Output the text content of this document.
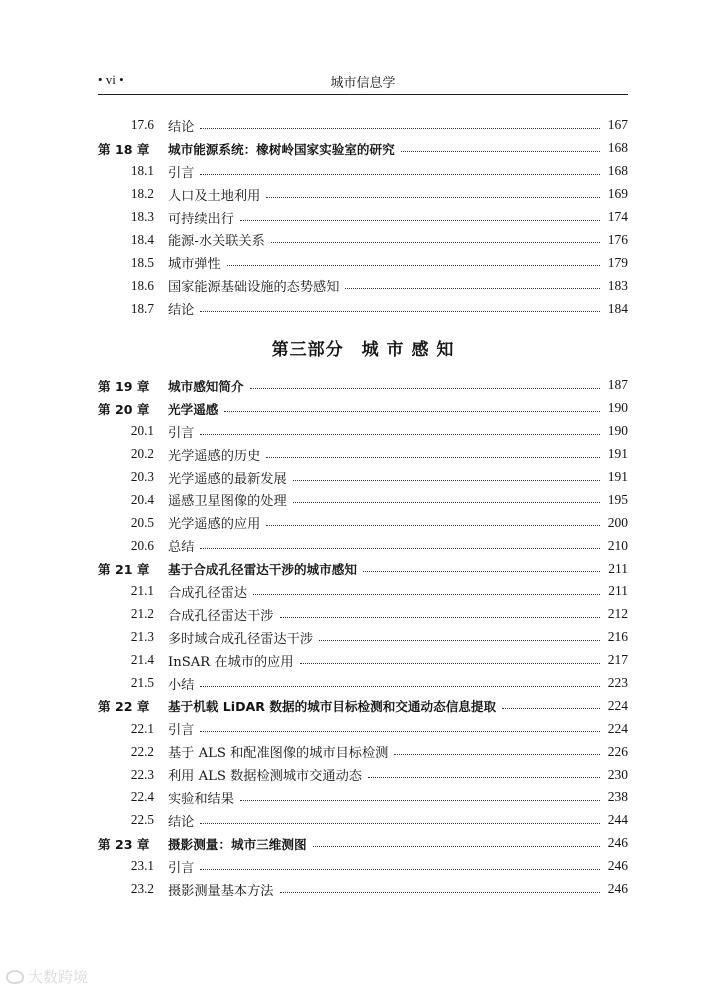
• vi •	城市信息学
17.6	结论	167
第 18 章	城市能源系统：橡树岭国家实验室的研究	168
18.1	引言	168
18.2	人口及土地利用	169
18.3	可持续出行	174
18.4	能源-水关联关系	176
18.5	城市弹性	179
18.6	国家能源基础设施的态势感知	183
18.7	结论	184
第三部分　城 市 感 知
第 19 章	城市感知简介	187
第 20 章	光学遥感	190
20.1	引言	190
20.2	光学遥感的历史	191
20.3	光学遥感的最新发展	191
20.4	遥感卫星图像的处理	195
20.5	光学遥感的应用	200
20.6	总结	210
第 21 章	基于合成孔径雷达干涉的城市感知	211
21.1	合成孔径雷达	211
21.2	合成孔径雷达干涉	212
21.3	多时域合成孔径雷达干涉	216
21.4	InSAR 在城市的应用	217
21.5	小结	223
第 22 章	基于机载 LiDAR 数据的城市目标检测和交通动态信息提取	224
22.1	引言	224
22.2	基于 ALS 和配准图像的城市目标检测	226
22.3	利用 ALS 数据检测城市交通动态	230
22.4	实验和结果	238
22.5	结论	244
第 23 章	摄影测量：城市三维测图	246
23.1	引言	246
23.2	摄影测量基本方法	246
大数跨境
